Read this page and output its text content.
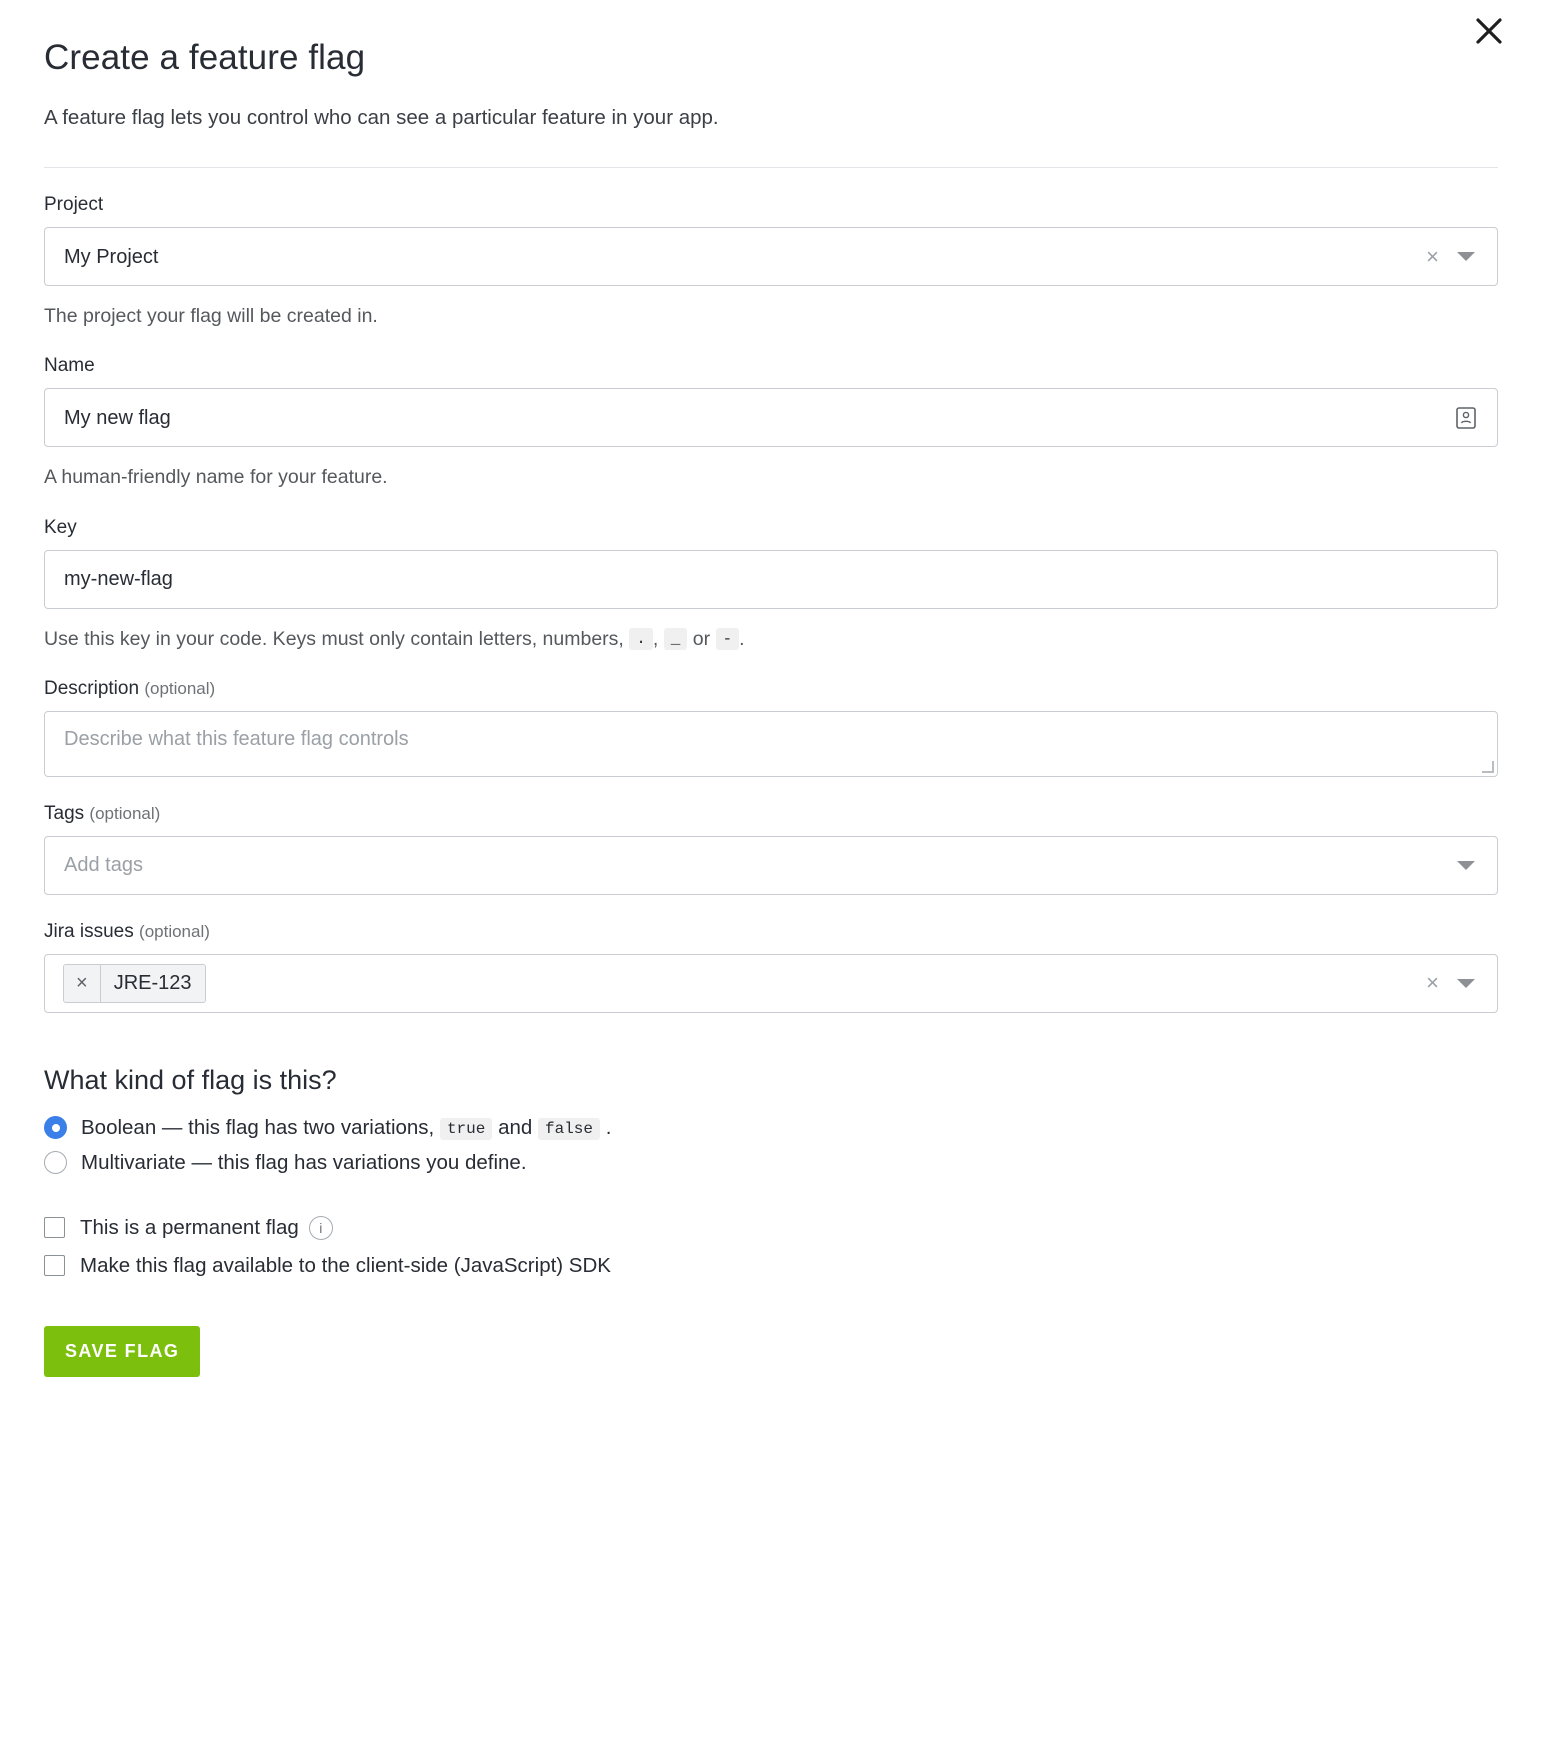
Create a feature flag

A feature flag lets you control who can see a particular feature in your app.

Project
My Project	×
The project your flag will be created in.
Name
My new flag
A human-friendly name for your feature.
Key
my-new-flag
Use this key in your code. Keys must only contain letters, numbers, . , _ or - .
Description (optional)
Describe what this feature flag controls
Tags (optional)
Add tags
Jira issues (optional)
×	JRE-123	×
What kind of flag is this?
Boolean — this flag has two variations, true and false .
Multivariate — this flag has variations you define.
This is a permanent flag	i
Make this flag available to the client-side (JavaScript) SDK
SAVE FLAG
